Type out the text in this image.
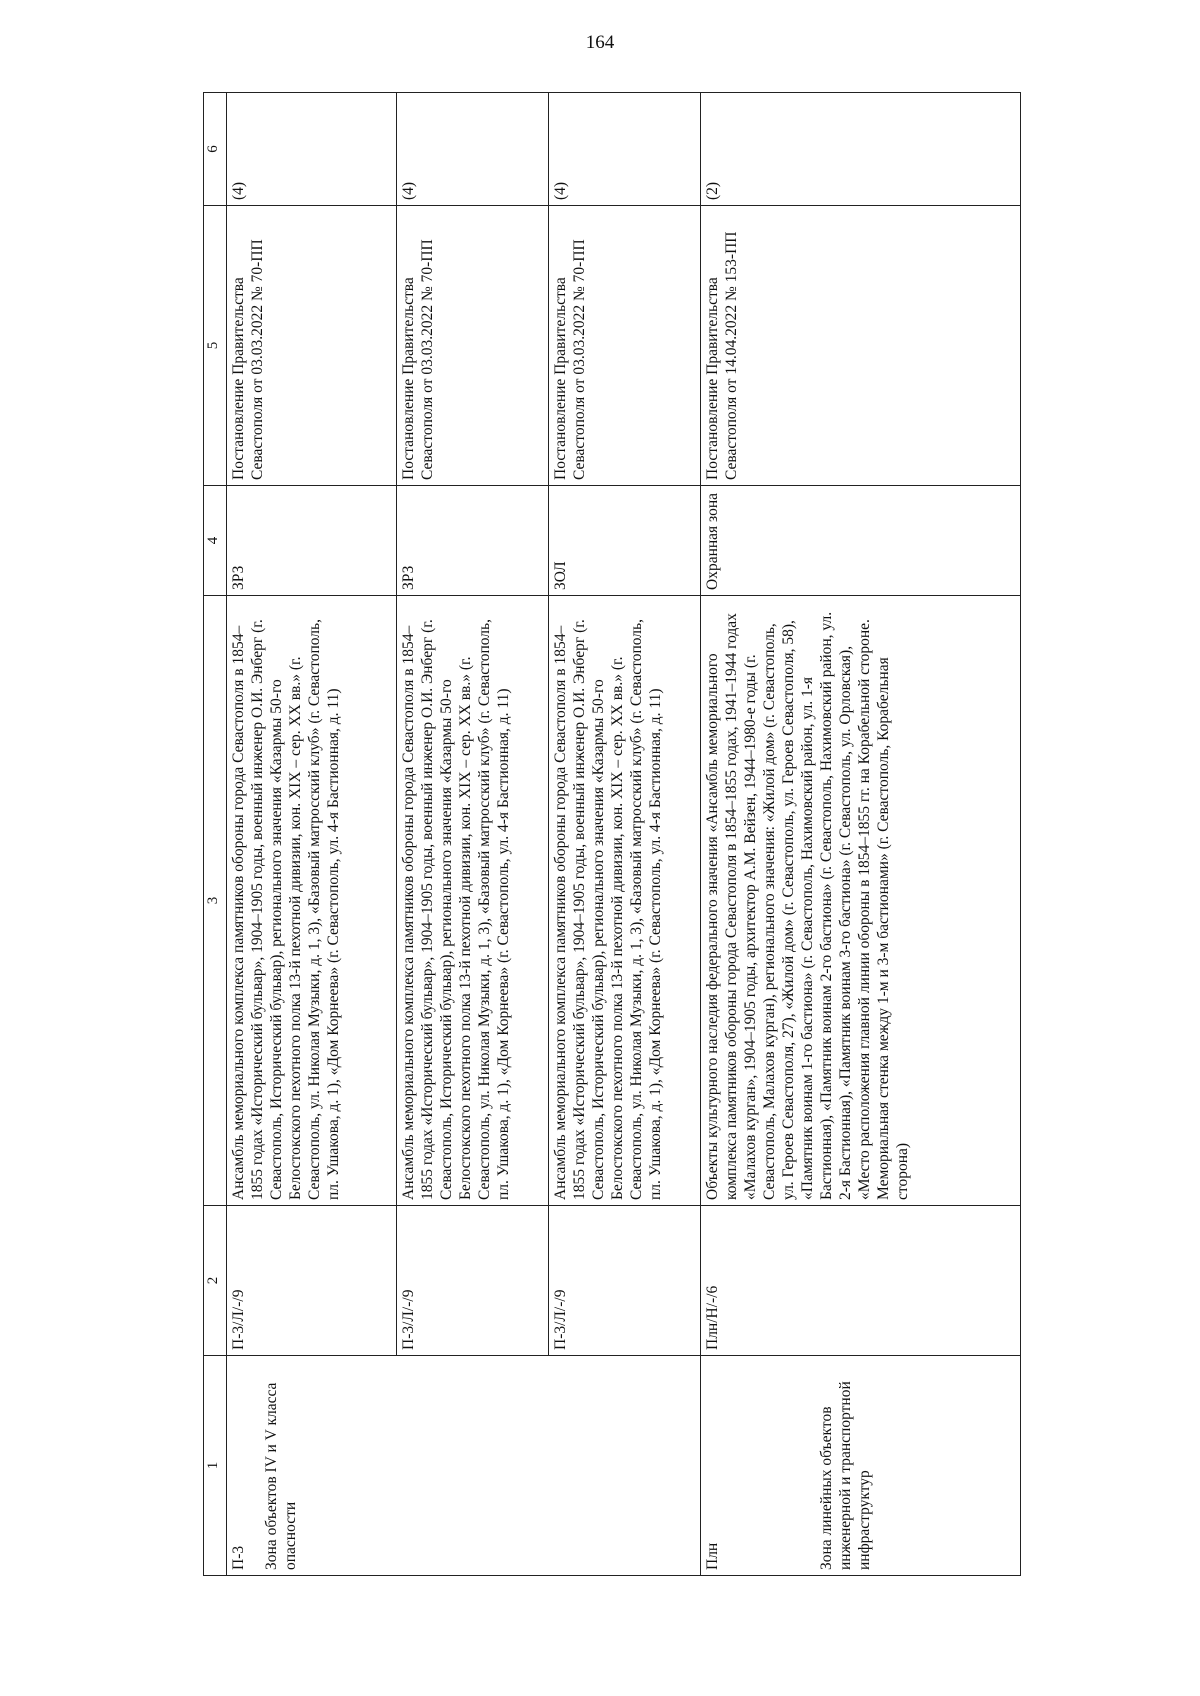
164
1	2	3	4	5	6

П-3 Зона объектов IV и V класса опасности	П-3/Л/-/9	Ансамбль мемориального комплекса памятников обороны города Севастополя в 1854–1855 годах «Исторический бульвар», 1904–1905 годы, военный инженер О.И. Энберг (г. Севастополь, Исторический бульвар), регионального значения «Казармы 50-го Белостокского пехотного полка 13-й пехотной дивизии, кон. XIX – сер. XX вв.» (г. Севастополь, ул. Николая Музыки, д. 1, 3), «Базовый матросский клуб» (г. Севастополь, пл. Ушакова, д. 1), «Дом Корнеева» (г. Севастополь, ул. 4-я Бастионная, д. 11)	ЗРЗ	Постановление Правительства Севастополя от 03.03.2022 № 70-ПП	(4)
	П-3/Л/-/9	Ансамбль мемориального комплекса памятников обороны города Севастополя в 1854–1855 годах «Исторический бульвар», 1904–1905 годы, военный инженер О.И. Энберг (г. Севастополь, Исторический бульвар), регионального значения «Казармы 50-го Белостокского пехотного полка 13-й пехотной дивизии, кон. XIX – сер. XX вв.» (г. Севастополь, ул. Николая Музыки, д. 1, 3), «Базовый матросский клуб» (г. Севастополь, пл. Ушакова, д. 1), «Дом Корнеева» (г. Севастополь, ул. 4-я Бастионная, д. 11)	ЗРЗ	Постановление Правительства Севастополя от 03.03.2022 № 70-ПП	(4)
	П-3/Л/-/9	Ансамбль мемориального комплекса памятников обороны города Севастополя в 1854–1855 годах «Исторический бульвар», 1904–1905 годы, военный инженер О.И. Энберг (г. Севастополь, Исторический бульвар), регионального значения «Казармы 50-го Белостокского пехотного полка 13-й пехотной дивизии, кон. XIX – сер. XX вв.» (г. Севастополь, ул. Николая Музыки, д. 1, 3), «Базовый матросский клуб» (г. Севастополь, пл. Ушакова, д. 1), «Дом Корнеева» (г. Севастополь, ул. 4-я Бастионная, д. 11)	ЗОЛ	Постановление Правительства Севастополя от 03.03.2022 № 70-ПП	(4)

Плн Зона линейных объектов инженерной и транспортной инфраструктур	Плн/Н/-/6	Объекты культурного наследия федерального значения «Ансамбль мемориального комплекса памятников обороны города Севастополя в 1854–1855 годах, 1941–1944 годах «Малахов курган», 1904–1905 годы, архитектор А.М. Вейзен, 1944–1980-е годы (г. Севастополь, Малахов курган), регионального значения: «Жилой дом» (г. Севастополь, ул. Героев Севастополя, 27), «Жилой дом» (г. Севастополь, ул. Героев Севастополя, 58), «Памятник воинам 1-го бастиона» (г. Севастополь, Нахимовский район, ул. 1-я Бастионная), «Памятник воинам 2-го бастиона» (г. Севастополь, Нахимовский район, ул. 2-я Бастионная), «Памятник воинам 3-го бастиона» (г. Севастополь, ул. Орловская), «Место расположения главной линии обороны в 1854–1855 гг. на Корабельной стороне. Мемориальная стенка между 1-м и 3-м бастионами» (г. Севастополь, Корабельная сторона)	Охранная зона	Постановление Правительства Севастополя от 14.04.2022 № 153-ПП	(2)
